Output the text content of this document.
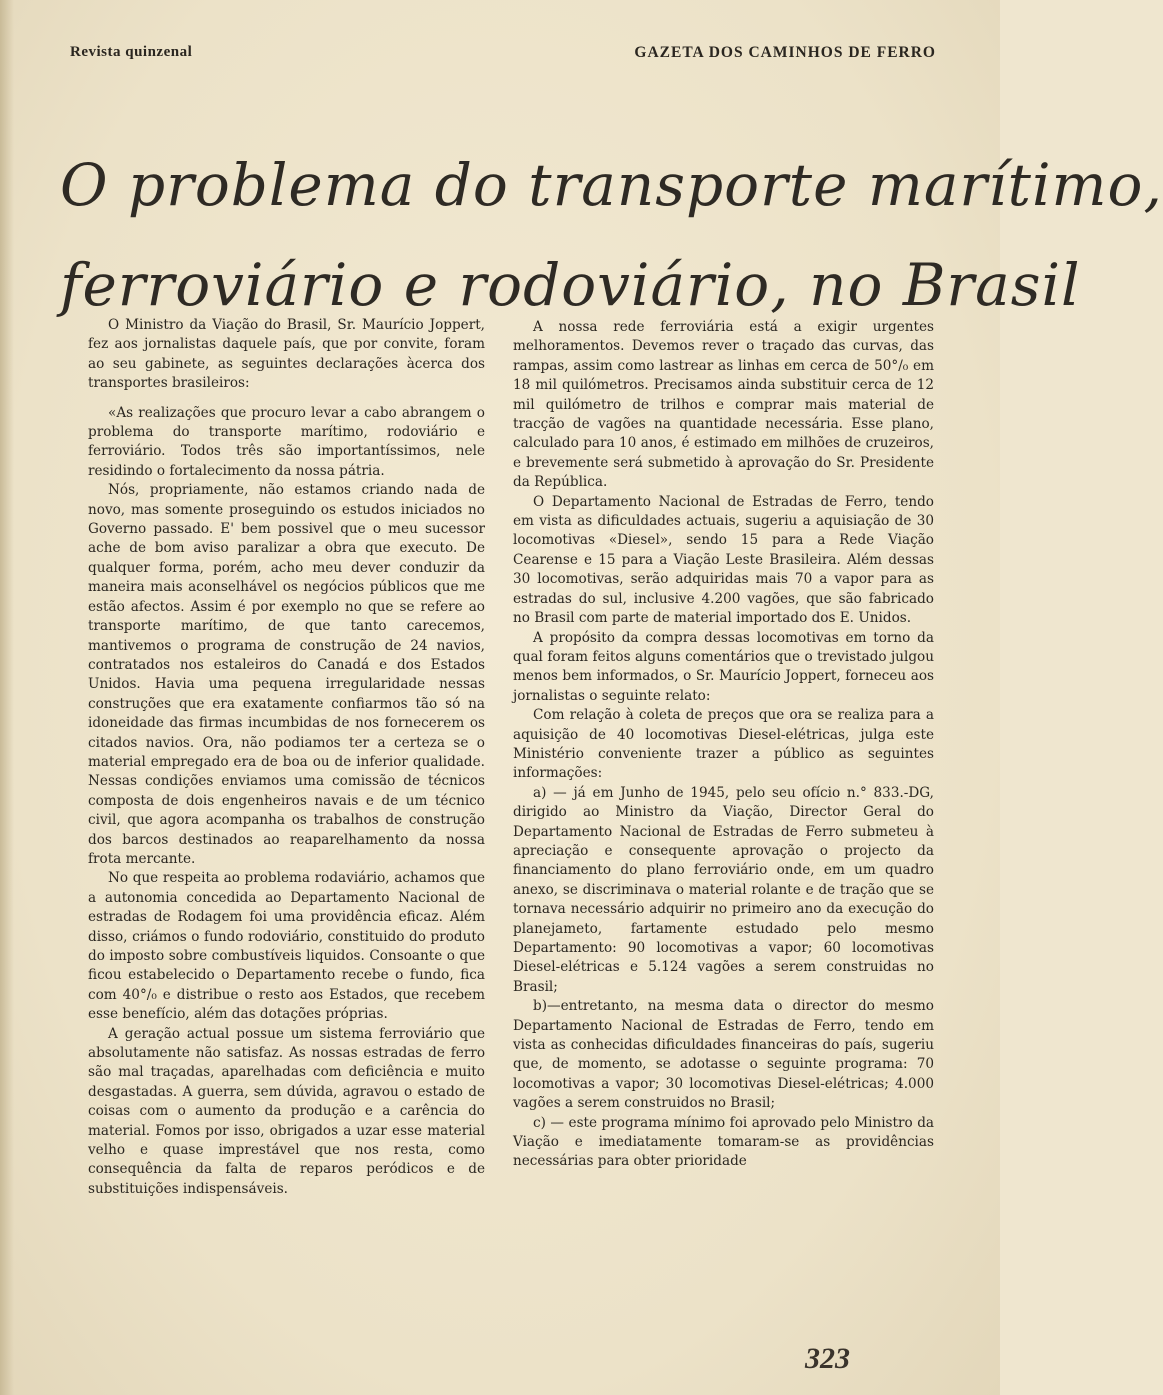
Revista quinzenal	GAZETA DOS CAMINHOS DE FERRO
O problema do transporte marítimo,
ferroviário e rodoviário, no Brasil

O Ministro da Viação do Brasil, Sr. Maurício Joppert, fez aos jornalistas daquele país, que por convite, foram ao seu gabinete, as seguintes declarações àcerca dos transportes brasileiros:

«As realizações que procuro levar a cabo abrangem o problema do transporte marítimo, rodoviário e ferroviário. Todos três são importantíssimos, nele residindo o fortalecimento da nossa pátria.

Nós, propriamente, não estamos criando nada de novo, mas somente proseguindo os estudos iniciados no Governo passado. E' bem possivel que o meu sucessor ache de bom aviso paralizar a obra que executo. De qualquer forma, porém, acho meu dever conduzir da maneira mais aconselhável os negócios públicos que me estão afectos. Assim é por exemplo no que se refere ao transporte marítimo, de que tanto carecemos, mantivemos o programa de construção de 24 navios, contratados nos estaleiros do Canadá e dos Estados Unidos. Havia uma pequena irregularidade nessas construções que era exatamente confiarmos tão só na idoneidade das firmas incumbidas de nos fornecerem os citados navios. Ora, não podiamos ter a certeza se o material empregado era de boa ou de inferior qualidade. Nessas condições enviamos uma comissão de técnicos composta de dois engenheiros navais e de um técnico civil, que agora acompanha os trabalhos de construção dos barcos destinados ao reaparelhamento da nossa frota mercante.

No que respeita ao problema rodaviário, achamos que a autonomia concedida ao Departamento Nacional de estradas de Rodagem foi uma providência eficaz. Além disso, criámos o fundo rodoviário, constituido do produto do imposto sobre combustíveis liquidos. Consoante o que ficou estabelecido o Departamento recebe o fundo, fica com 40°/₀ e distribue o resto aos Estados, que recebem esse benefício, além das dotações próprias.

A geração actual possue um sistema ferroviário que absolutamente não satisfaz. As nossas estradas de ferro são mal traçadas, aparelhadas com deficiência e muito desgastadas. A guerra, sem dúvida, agravou o estado de coisas com o aumento da produção e a carência do material. Fomos por isso, obrigados a uzar esse material velho e quase imprestável que nos resta, como consequência da falta de reparos peródicos e de substituições indispensáveis.

A nossa rede ferroviária está a exigir urgentes melhoramentos. Devemos rever o traçado das curvas, das rampas, assim como lastrear as linhas em cerca de 50°/₀ em 18 mil quilómetros. Precisamos ainda substituir cerca de 12 mil quilómetro de trilhos e comprar mais material de tracção de vagões na quantidade necessária. Esse plano, calculado para 10 anos, é estimado em milhões de cruzeiros, e brevemente será submetido à aprovação do Sr. Presidente da República.

O Departamento Nacional de Estradas de Ferro, tendo em vista as dificuldades actuais, sugeriu a aquisiação de 30 locomotivas «Diesel», sendo 15 para a Rede Viação Cearense e 15 para a Viação Leste Brasileira. Além dessas 30 locomotivas, serão adquiridas mais 70 a vapor para as estradas do sul, inclusive 4.200 vagões, que são fabricado no Brasil com parte de material importado dos E. Unidos.

A propósito da compra dessas locomotivas em torno da qual foram feitos alguns comentários que o trevistado julgou menos bem informados, o Sr. Maurício Joppert, forneceu aos jornalistas o seguinte relato:

Com relação à coleta de preços que ora se realiza para a aquisição de 40 locomotivas Diesel-elétricas, julga este Ministério conveniente trazer a público as seguintes informações:

a) — já em Junho de 1945, pelo seu ofício n.° 833.-DG, dirigido ao Ministro da Viação, Director Geral do Departamento Nacional de Estradas de Ferro submeteu à apreciação e consequente aprovação o projecto da financiamento do plano ferroviário onde, em um quadro anexo, se discriminava o material rolante e de tração que se tornava necessário adquirir no primeiro ano da execução do planejameto, fartamente estudado pelo mesmo Departamento: 90 locomotivas a vapor; 60 locomotivas Diesel-elétricas e 5.124 vagões a serem construidas no Brasil;

b)—entretanto, na mesma data o director do mesmo Departamento Nacional de Estradas de Ferro, tendo em vista as conhecidas dificuldades financeiras do país, sugeriu que, de momento, se adotasse o seguinte programa: 70 locomotivas a vapor; 30 locomotivas Diesel-elétricas; 4.000 vagões a serem construidos no Brasil;

c) — este programa mínimo foi aprovado pelo Ministro da Viação e imediatamente tomaram-se as providências necessárias para obter prioridade

323
